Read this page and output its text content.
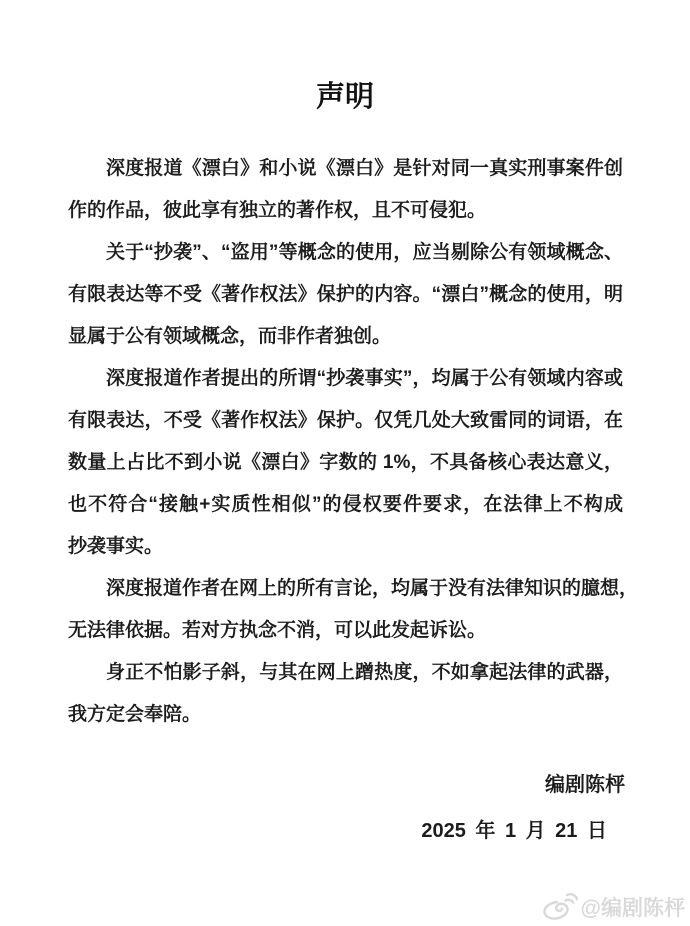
声明
深度报道《漂白》和小说《漂白》是针对同一真实刑事案件创
作的作品，彼此享有独立的著作权，且不可侵犯。
关于“抄袭”、“盗用”等概念的使用，应当剔除公有领域概念、
有限表达等不受《著作权法》保护的内容。“漂白”概念的使用，明
显属于公有领域概念，而非作者独创。
深度报道作者提出的所谓“抄袭事实”，均属于公有领域内容或
有限表达，不受《著作权法》保护。仅凭几处大致雷同的词语，在
数量上占比不到小说《漂白》字数的 1%，不具备核心表达意义，
也不符合“接触+实质性相似”的侵权要件要求，在法律上不构成
抄袭事实。
深度报道作者在网上的所有言论，均属于没有法律知识的臆想，
无法律依据。若对方执念不消，可以此发起诉讼。
身正不怕影子斜，与其在网上蹭热度，不如拿起法律的武器，
我方定会奉陪。
编剧陈枰
2025 年 1 月 21 日
@编剧陈枰
